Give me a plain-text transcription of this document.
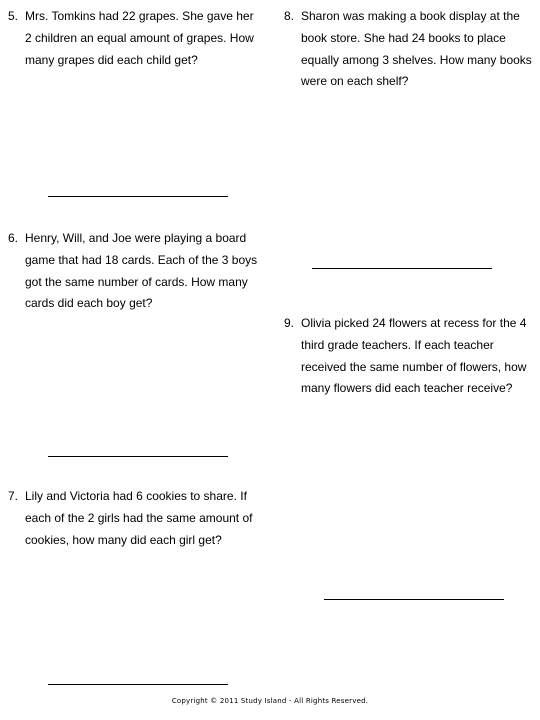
5. Mrs. Tomkins had 22 grapes. She gave her
2 children an equal amount of grapes. How
many grapes did each child get?
6. Henry, Will, and Joe were playing a board
game that had 18 cards. Each of the 3 boys
got the same number of cards. How many
cards did each boy get?
7. Lily and Victoria had 6 cookies to share. If
each of the 2 girls had the same amount of
cookies, how many did each girl get?
8. Sharon was making a book display at the
book store. She had 24 books to place
equally among 3 shelves. How many books
were on each shelf?
9. Olivia picked 24 flowers at recess for the 4
third grade teachers. If each teacher
received the same number of flowers, how
many flowers did each teacher receive?
Copyright © 2011 Study Island - All Rights Reserved.
